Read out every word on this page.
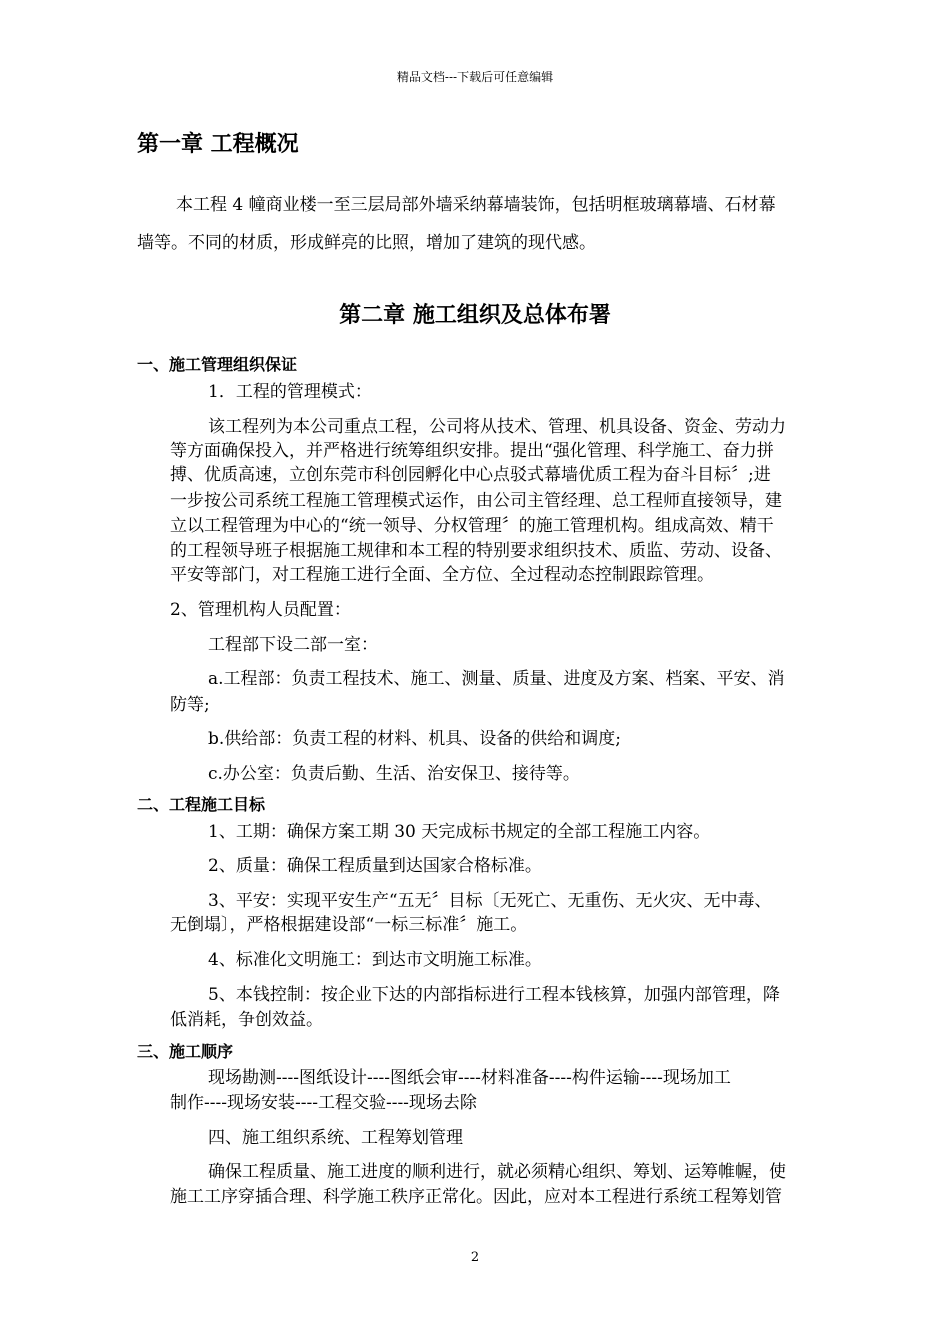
精品文档---下载后可任意编辑
第一章 工程概况
本工程 4 幢商业楼一至三层局部外墙采纳幕墙装饰，包括明框玻璃幕墙、石材幕
墙等。不同的材质，形成鲜亮的比照，增加了建筑的现代感。
第二章 施工组织及总体布署
一、施工管理组织保证
1．工程的管理模式：
该工程列为本公司重点工程，公司将从技术、管理、机具设备、资金、劳动力
等方面确保投入，并严格进行统筹组织安排。提出“强化管理、科学施工、奋力拼
搏、优质高速，立创东莞市科创园孵化中心点驳式幕墙优质工程为奋斗目标〞;进
一步按公司系统工程施工管理模式运作，由公司主管经理、总工程师直接领导，建
立以工程管理为中心的“统一领导、分权管理〞的施工管理机构。组成高效、精干
的工程领导班子根据施工规律和本工程的特别要求组织技术、质监、劳动、设备、
平安等部门，对工程施工进行全面、全方位、全过程动态控制跟踪管理。
2、管理机构人员配置：
工程部下设二部一室：
a.工程部：负责工程技术、施工、测量、质量、进度及方案、档案、平安、消
防等;
b.供给部：负责工程的材料、机具、设备的供给和调度;
c.办公室：负责后勤、生活、治安保卫、接待等。
二、工程施工目标
1、工期：确保方案工期 30 天完成标书规定的全部工程施工内容。
2、质量：确保工程质量到达国家合格标准。
3、平安：实现平安生产“五无〞目标〔无死亡、无重伤、无火灾、无中毒、
无倒塌〕，严格根据建设部“一标三标准〞施工。
4、标准化文明施工：到达市文明施工标准。
5、本钱控制：按企业下达的内部指标进行工程本钱核算，加强内部管理，降
低消耗，争创效益。
三、施工顺序
现场勘测----图纸设计----图纸会审----材料准备----构件运输----现场加工
制作----现场安装----工程交验----现场去除
四、施工组织系统、工程筹划管理
确保工程质量、施工进度的顺利进行，就必须精心组织、筹划、运筹帷幄，使
施工工序穿插合理、科学施工秩序正常化。因此，应对本工程进行系统工程筹划管
2
